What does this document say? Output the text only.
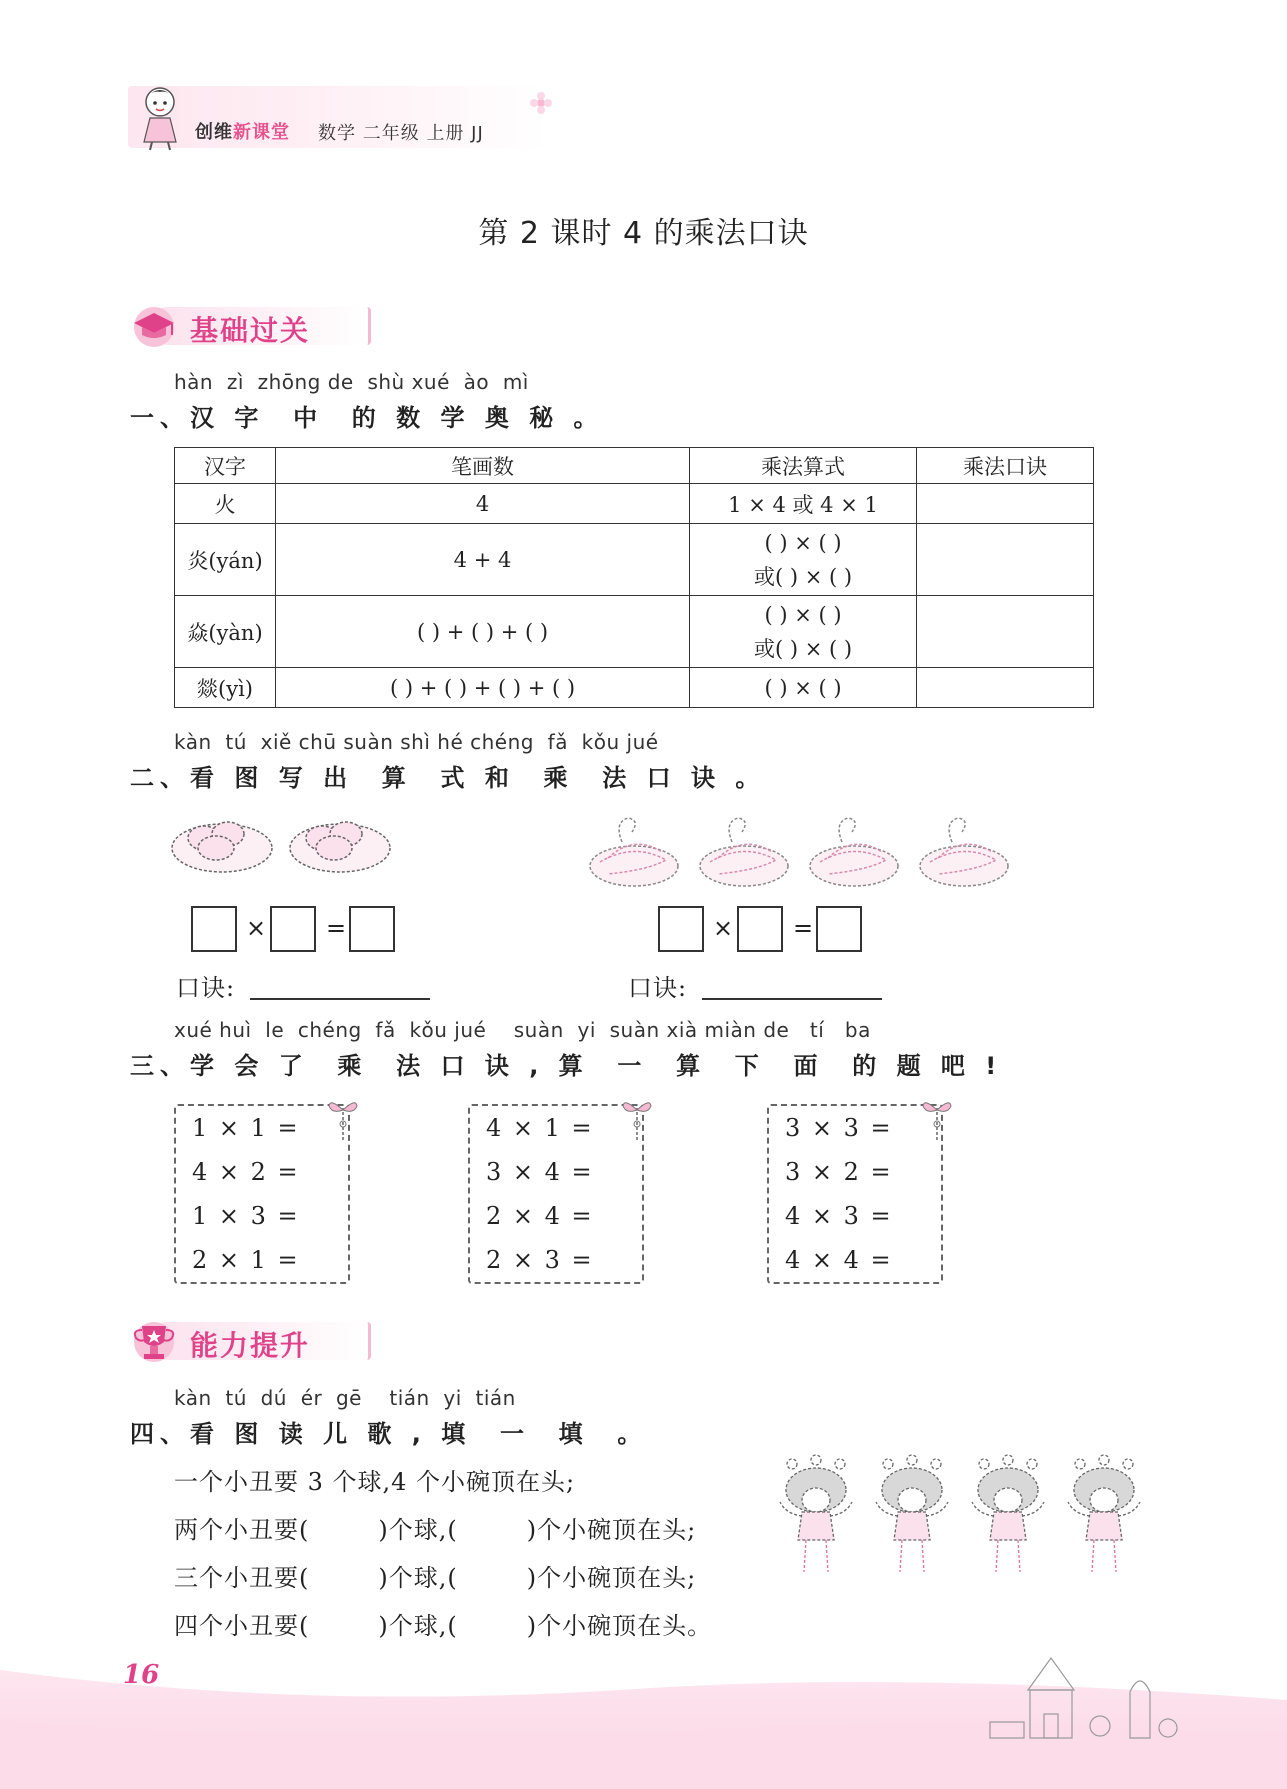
创维新课堂 数学 二年级 上册 JJ
第 2 课时 4 的乘法口诀
基础过关
hàn  zì  zhōng de  shù xué  ào  mì
一、汉 字  中  的 数 学 奥 秘 。
汉字	笔画数	乘法算式	乘法口诀
火	4	1 × 4 或 4 × 1	
炎(yán)	4 + 4	( ) × ( )
或( ) × ( )	

焱(yàn)	( ) + ( ) + ( )	( ) × ( )
或( ) × ( )	

燚(yì)	( ) + ( ) + ( ) + ( )	( ) × ( )	
kàn  tú  xiě chū suàn shì hé chéng  fǎ  kǒu jué
二、看 图 写 出  算  式 和  乘  法 口 诀 。
× =	× =
口诀:	口诀:
xué huì  le  chéng  fǎ  kǒu jué    suàn  yi  suàn xià miàn de   tí   ba
三、学 会 了  乘  法 口 诀 , 算  一  算  下  面  的 题 吧 !
1 × 1 =
4 × 2 =
1 × 3 =
2 × 1 =
4 × 1 =
3 × 4 =
2 × 4 =
2 × 3 =
3 × 3 =
3 × 2 =
4 × 3 =
4 × 4 =
能力提升
kàn  tú  dú  ér  gē    tián  yi  tián
四、看 图 读 儿 歌 , 填  一  填  。
一个小丑要 3 个球,4 个小碗顶在头;
两个小丑要(        )个球,(        )个小碗顶在头;
三个小丑要(        )个球,(        )个小碗顶在头;
四个小丑要(        )个球,(        )个小碗顶在头。
16
